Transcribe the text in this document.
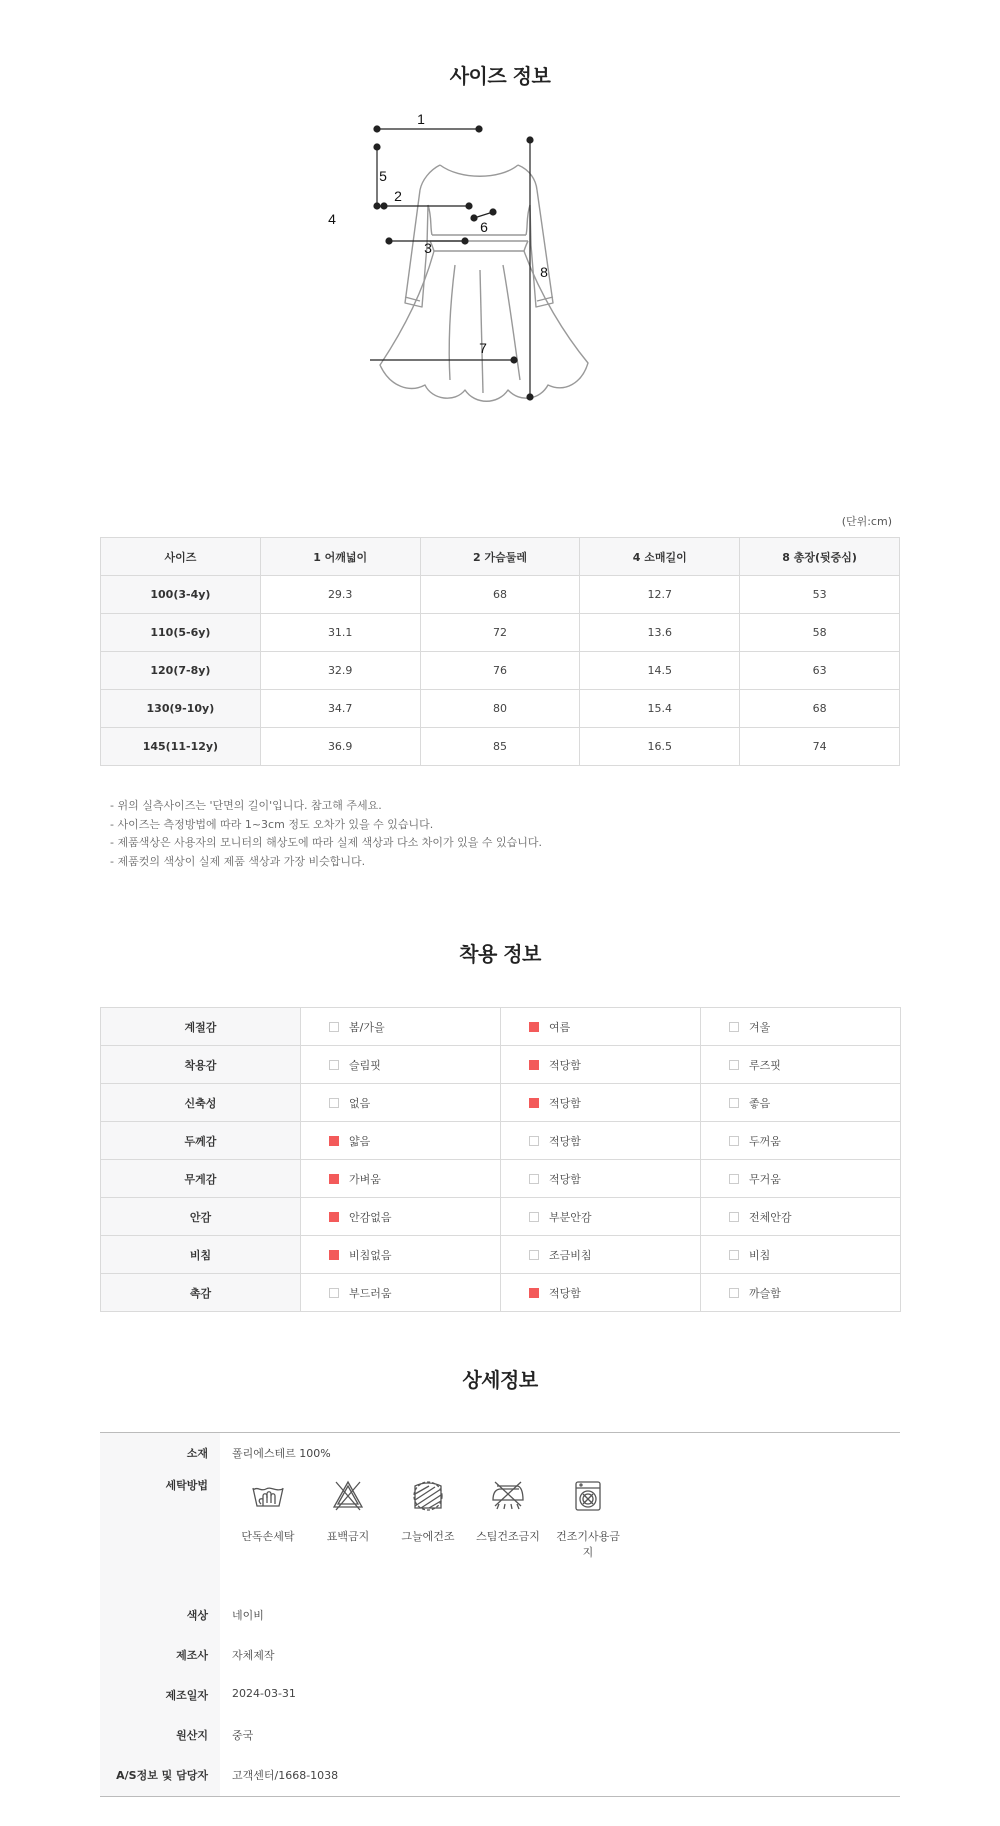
사이즈 정보
1
2
3
4
5
6
7
8
(단위:cm)
사이즈	1 어깨넓이	2 가슴둘레	4 소매길이	8 총장(뒷중심)
100(3-4y)	29.3	68	12.7	53
110(5-6y)	31.1	72	13.6	58
120(7-8y)	32.9	76	14.5	63
130(9-10y)	34.7	80	15.4	68
145(11-12y)	36.9	85	16.5	74
- 위의 실측사이즈는 '단면의 길이'입니다. 참고해 주세요.
- 사이즈는 측정방법에 따라 1~3cm 정도 오차가 있을 수 있습니다.
- 제품색상은 사용자의 모니터의 해상도에 따라 실제 색상과 다소 차이가 있을 수 있습니다.
- 제품컷의 색상이 실제 제품 색상과 가장 비슷합니다.
착용 정보
계절감	봄/가을	여름	겨울
착용감	슬림핏	적당함	루즈핏
신축성	없음	적당함	좋음
두께감	얇음	적당함	두꺼움
무게감	가벼움	적당함	무거움
안감	안감없음	부분안감	전체안감
비침	비침없음	조금비침	비침
촉감	부드러움	적당함	까슬함
상세정보
소재	폴리에스테르 100%
세탁방법	단독손세탁 표백금지 그늘에건조 스팀건조금지 건조기사용금지

색상	네이비
제조사	자체제작
제조일자	2024-03-31
원산지	중국
A/S정보 및 담당자	고객센터/1668-1038
